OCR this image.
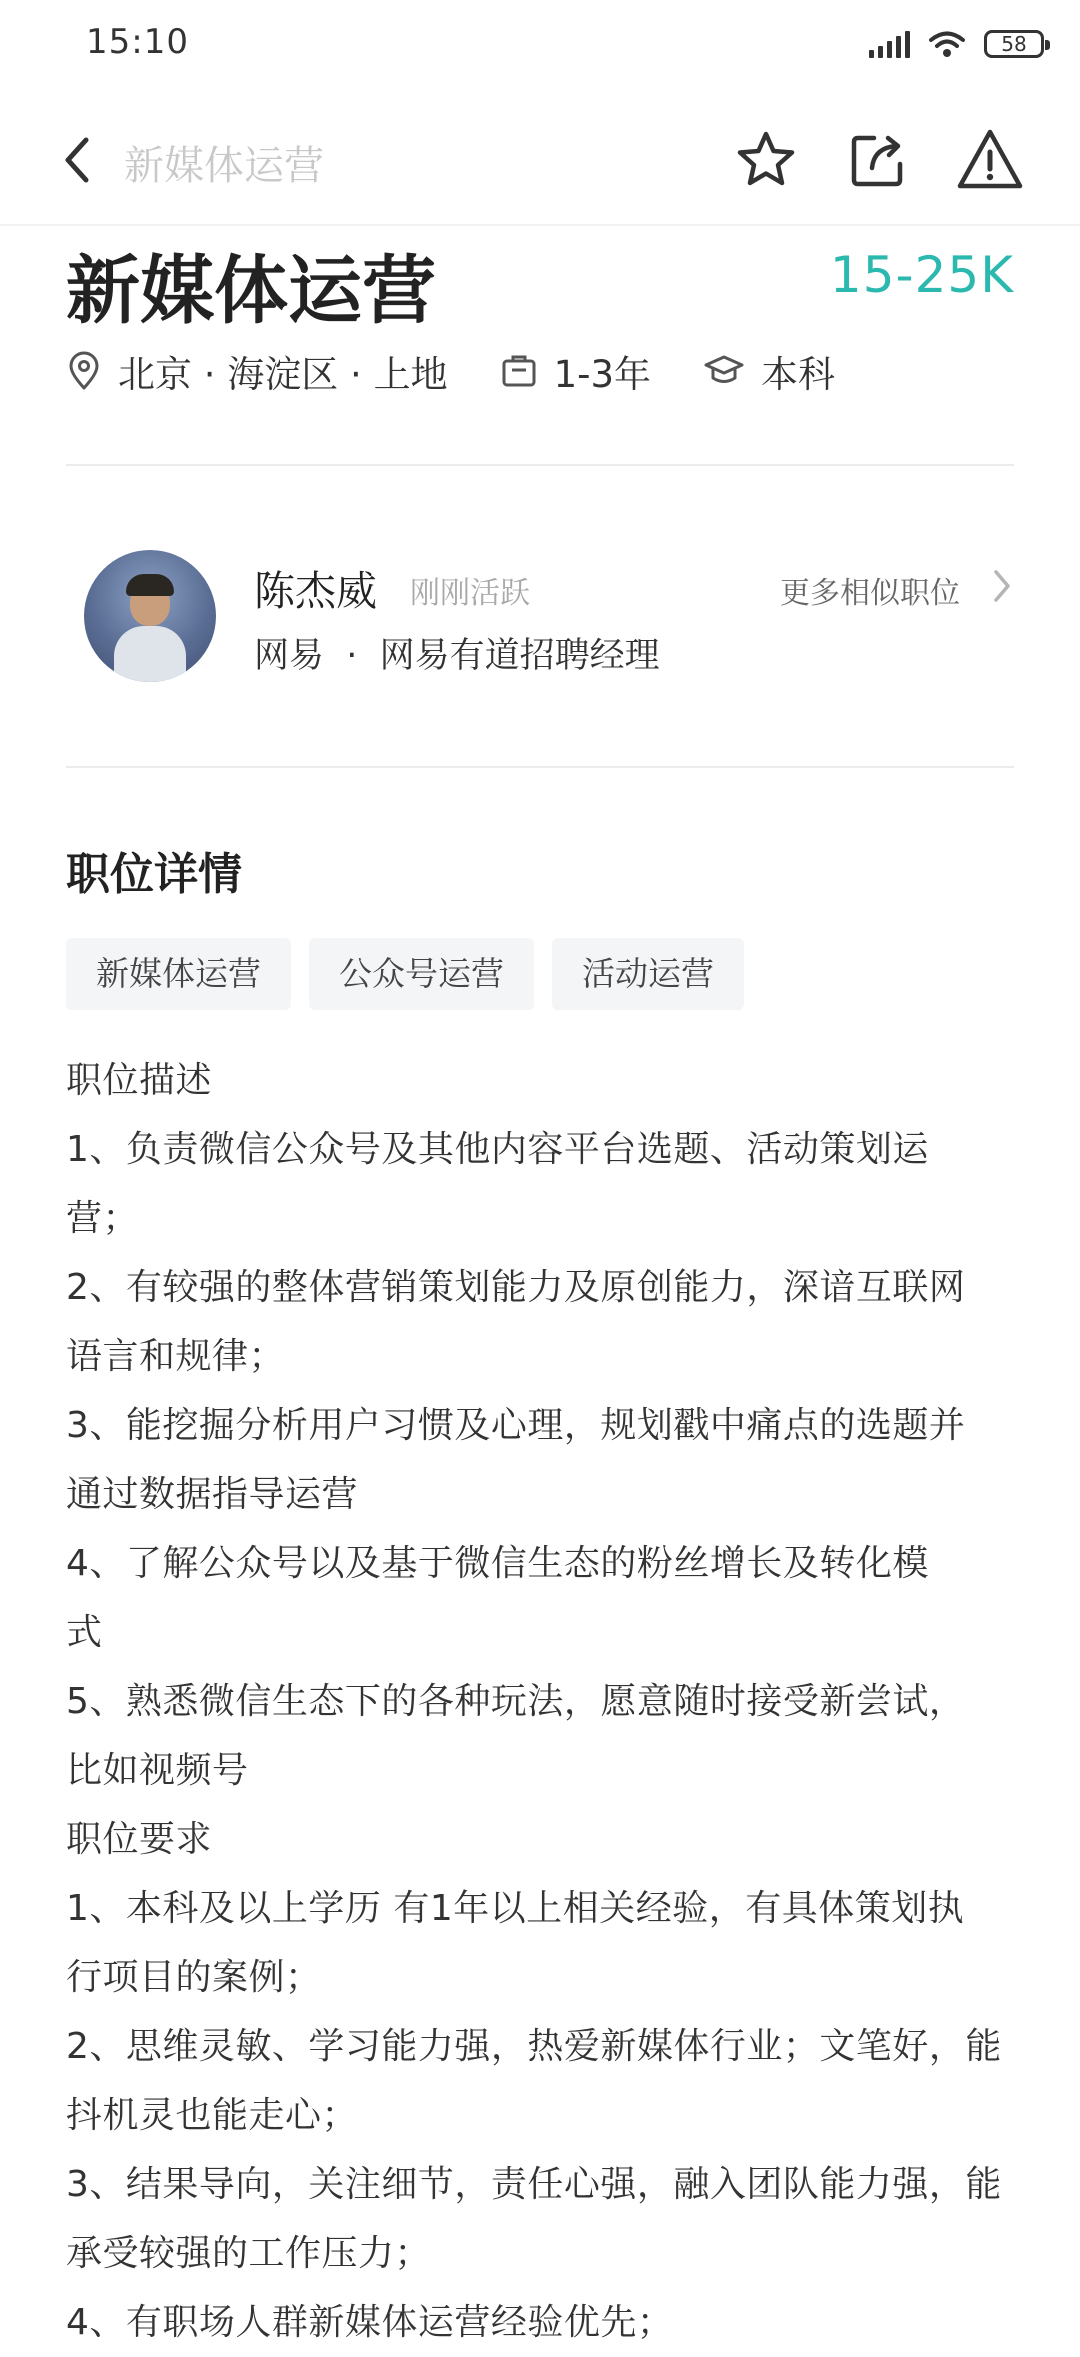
15:10	58
新媒体运营
新媒体运营	15-25K
北京 · 海淀区 · 上地	1-3年	本科
陈杰威 刚刚活跃
网易  ·  网易有道招聘经理
更多相似职位
职位详情
新媒体运营	公众号运营	活动运营
职位描述
1、负责微信公众号及其他内容平台选题、活动策划运
营；
2、有较强的整体营销策划能力及原创能力，深谙互联网
语言和规律；
3、能挖掘分析用户习惯及心理，规划戳中痛点的选题并
通过数据指导运营
4、了解公众号以及基于微信生态的粉丝增长及转化模
式
5、熟悉微信生态下的各种玩法，愿意随时接受新尝试，
比如视频号
职位要求
1、本科及以上学历 有1年以上相关经验，有具体策划执
行项目的案例；
2、思维灵敏、学习能力强，热爱新媒体行业；文笔好，能
抖机灵也能走心；
3、结果导向，关注细节，责任心强，融入团队能力强，能
承受较强的工作压力；
4、有职场人群新媒体运营经验优先；
